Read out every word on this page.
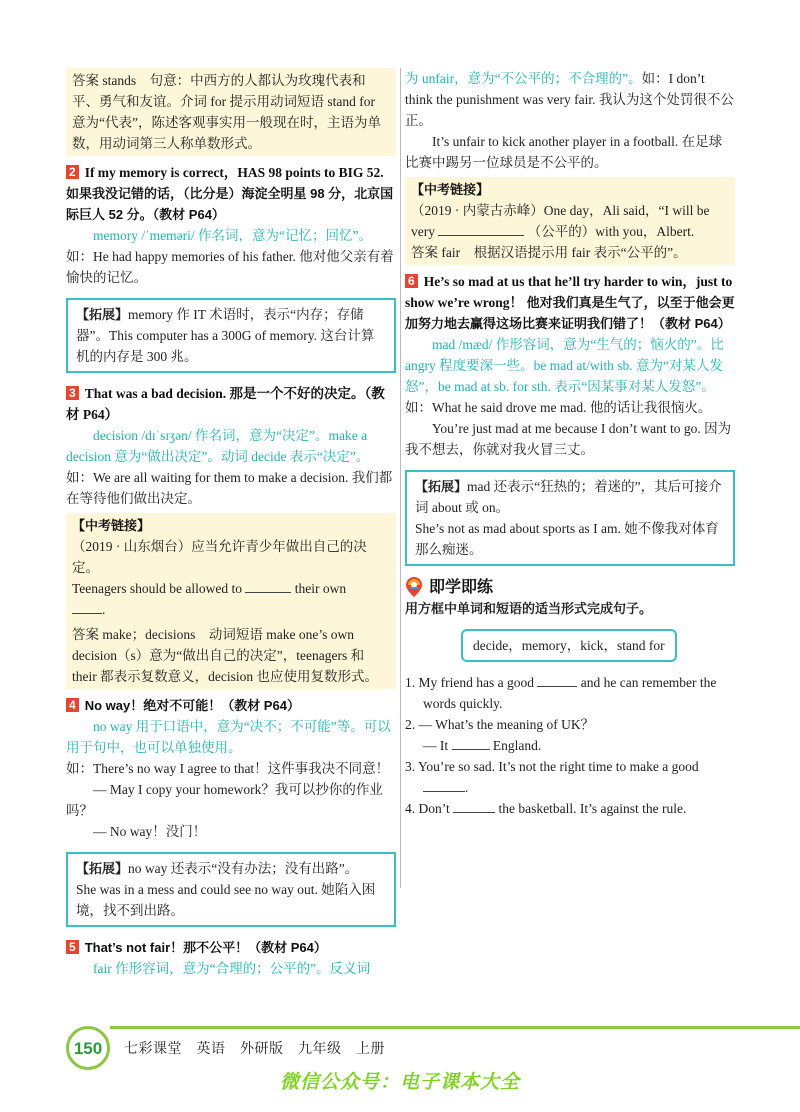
答案 stands　句意：中西方的人都认为玫瑰代表和平、勇气和友谊。介词 for 提示用动词短语 stand for 意为“代表”，陈述客观事实用一般现在时，主语为单数，用动词第三人称单数形式。

2 If my memory is correct，HAS 98 points to BIG 52. 如果我没记错的话，（比分是）海淀全明星 98 分，北京国际巨人 52 分。（教材 P64）

memory /ˈmeməri/ 作名词，意为“记忆；回忆”。

如：He had happy memories of his father. 他对他父亲有着愉快的记忆。

【拓展】memory 作 IT 术语时，表示“内存；存储器”。This computer has a 300G of memory. 这台计算机的内存是 300 兆。

3 That was a bad decision. 那是一个不好的决定。（教材 P64）

decision /dɪˈsɪʒən/ 作名词，意为“决定”。make a decision 意为“做出决定”。动词 decide 表示“决定”。

如：We are all waiting for them to make a decision. 我们都在等待他们做出决定。

【中考链接】

（2019 · 山东烟台）应当允许青少年做出自己的决定。

Teenagers should be allowed to	their own
.

答案 make；decisions　动词短语 make one’s own decision（s）意为“做出自己的决定”，teenagers 和 their 都表示复数意义，decision 也应使用复数形式。

4 No way！绝对不可能！（教材 P64）

no way 用于口语中，意为“决不；不可能”等。可以用于句中，也可以单独使用。

如：There’s no way I agree to that！这件事我决不同意！

— May I copy your homework？我可以抄你的作业吗？

— No way！没门！

【拓展】no way 还表示“没有办法；没有出路”。

She was in a mess and could see no way out. 她陷入困境，找不到出路。

5 That’s not fair！那不公平！（教材 P64）

fair 作形容词，意为“合理的；公平的”。反义词

为 unfair，意为“不公平的；不合理的”。如：I don’t think the punishment was very fair. 我认为这个处罚很不公正。

It’s unfair to kick another player in a football. 在足球比赛中踢另一位球员是不公平的。

【中考链接】

（2019 · 内蒙古赤峰）One day，Ali said，“I will be very	（公平的）with you，Albert.

答案 fair　根据汉语提示用 fair 表示“公平的”。

6 He’s so mad at us that he’ll try harder to win，just to show we’re wrong！ 他对我们真是生气了，以至于他会更加努力地去赢得这场比赛来证明我们错了！（教材 P64）

mad /mæd/ 作形容词，意为“生气的；恼火的”。比 angry 程度要深一些。be mad at/with sb. 意为“对某人发怒”，be mad at sb. for sth. 表示“因某事对某人发怒”。

如：What he said drove me mad. 他的话让我很恼火。

You’re just mad at me because I don’t want to go. 因为我不想去，你就对我火冒三丈。

【拓展】mad 还表示“狂热的；着迷的”，其后可接介词 about 或 on。

She’s not as mad about sports as I am. 她不像我对体育那么痴迷。

即学即练

用方框中单词和短语的适当形式完成句子。

decide，memory，kick，stand for

1. My friend has a good	and he can remember the words quickly.

2. — What’s the meaning of UK？

— It	England.

3. You’re so sad. It’s not the right time to make a good .

4. Don’t	the basketball. It’s against the rule.

150	七彩课堂　英语　外研版　九年级　上册
微信公众号：电子课本大全
